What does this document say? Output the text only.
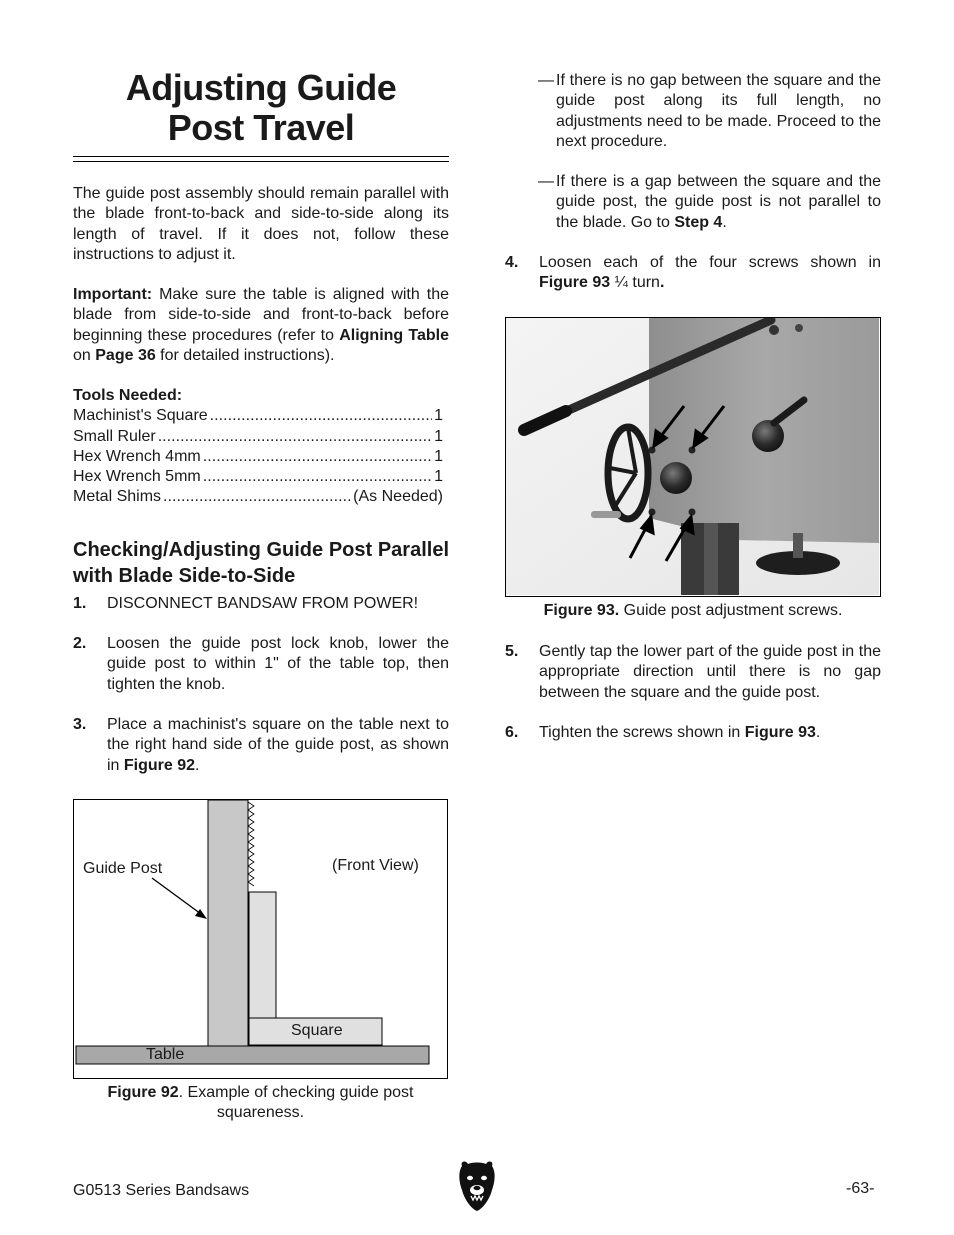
Adjusting Guide
Post Travel
The guide post assembly should remain parallel with the blade front-to-back and side-to-side along its length of travel. If it does not, follow these instructions to adjust it.
Important: Make sure the table is aligned with the blade from side-to-side and front-to-back before beginning these procedures (refer to Aligning Table on Page 36 for detailed instructions).
Tools Needed:
Machinist's Square . . .	1
Small Ruler . . .	1
Hex Wrench 4mm . . .	1
Hex Wrench 5mm . . .	1
Metal Shims . . .	(As Needed)
Checking/Adjusting Guide Post Parallel with Blade Side-to-Side
1.	DISCONNECT BANDSAW FROM POWER!
2.	Loosen the guide post lock knob, lower the guide post to within 1" of the table top, then tighten the knob.
3.	Place a machinist's square on the table next to the right hand side of the guide post, as shown in Figure 92.
Guide Post	(Front View)
Square
Table
Figure 92. Example of checking guide post squareness.
— If there is no gap between the square and the guide post along its full length, no adjustments need to be made. Proceed to the next procedure.
— If there is a gap between the square and the guide post, the guide post is not parallel to the blade. Go to Step 4.
4.	Loosen each of the four screws shown in Figure 93 ¼ turn.
Figure 93. Guide post adjustment screws.
5.	Gently tap the lower part of the guide post in the appropriate direction until there is no gap between the square and the guide post.
6.	Tighten the screws shown in Figure 93.
G0513 Series Bandsaws	-63-
